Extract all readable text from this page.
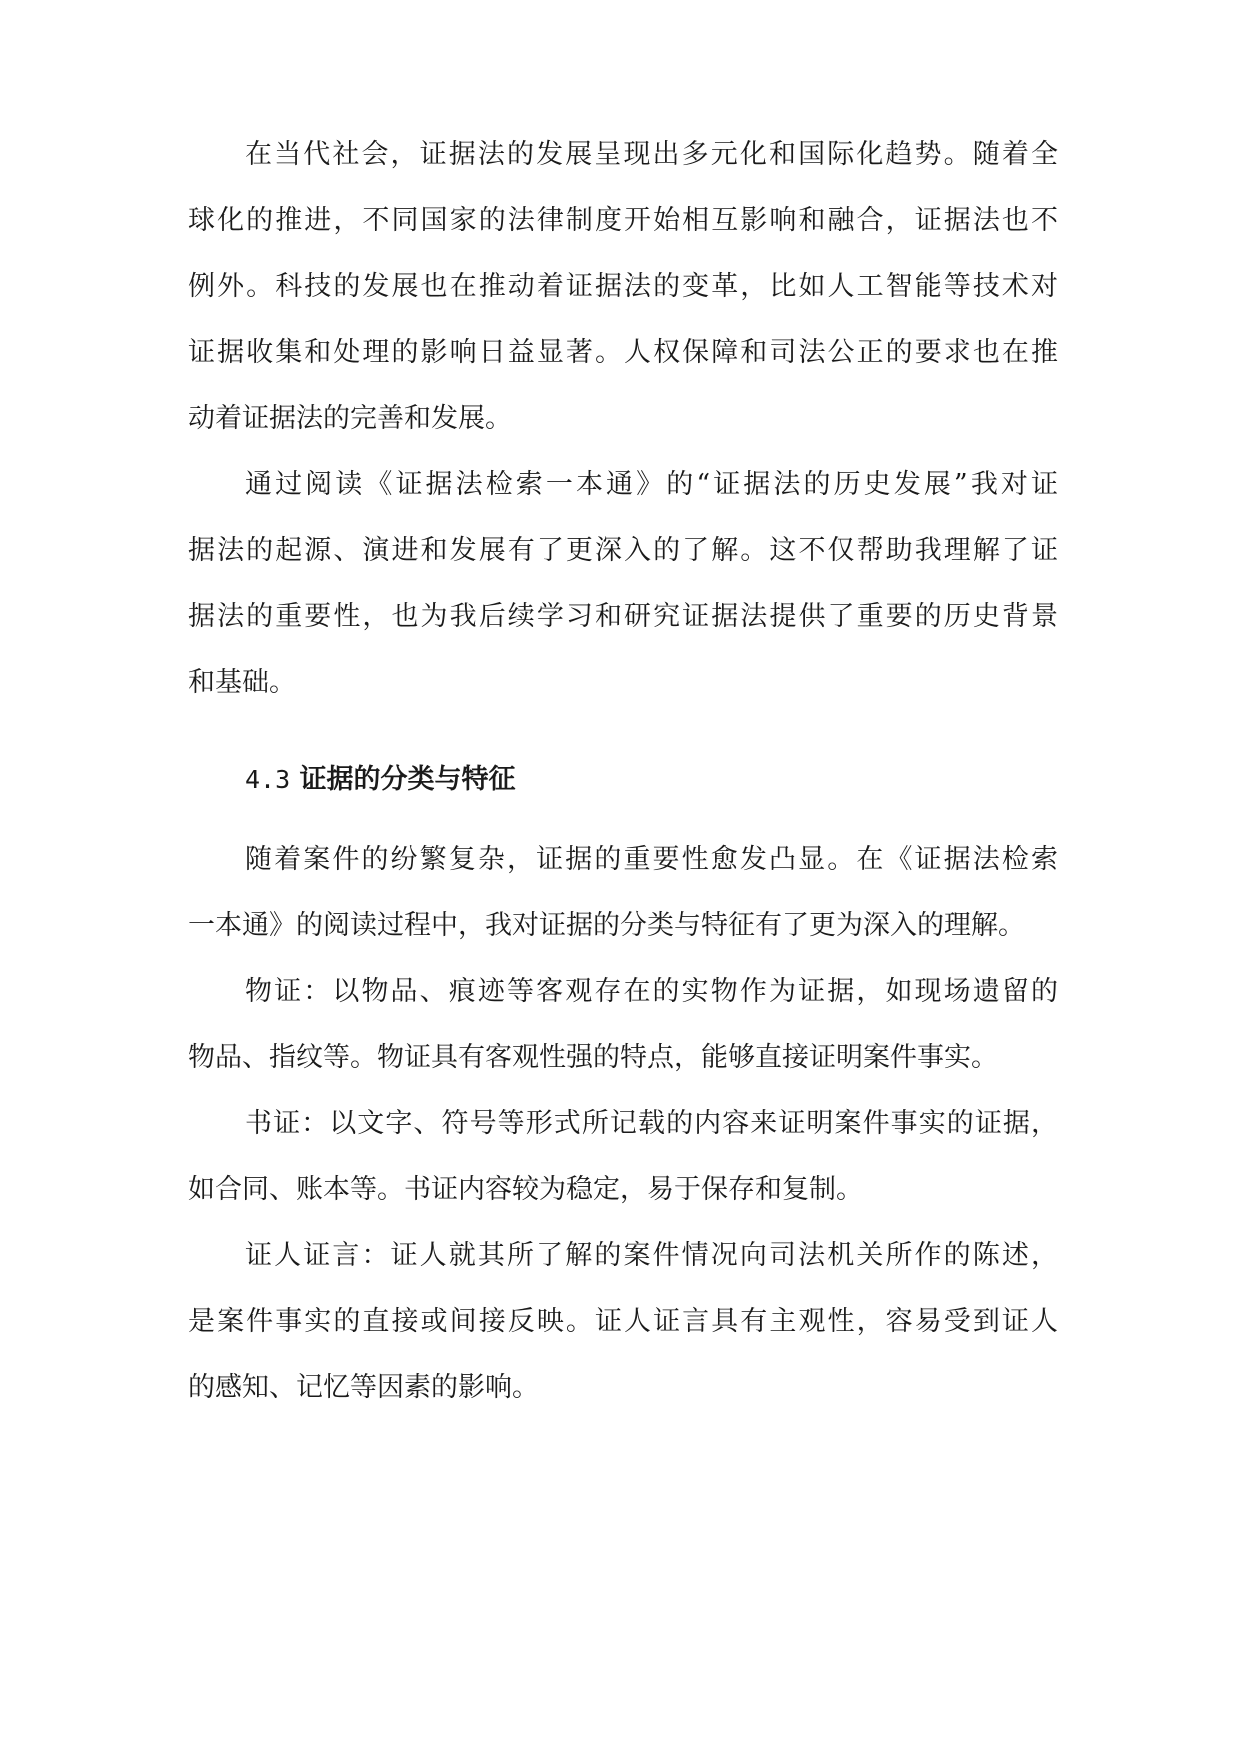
在当代社会，证据法的发展呈现出多元化和国际化趋势。随着全
球化的推进，不同国家的法律制度开始相互影响和融合，证据法也不
例外。科技的发展也在推动着证据法的变革，比如人工智能等技术对
证据收集和处理的影响日益显著。人权保障和司法公正的要求也在推
动着证据法的完善和发展。
通过阅读《证据法检索一本通》的“证据法的历史发展”我对证
据法的起源、演进和发展有了更深入的了解。这不仅帮助我理解了证
据法的重要性，也为我后续学习和研究证据法提供了重要的历史背景
和基础。
4.3 证据的分类与特征
随着案件的纷繁复杂，证据的重要性愈发凸显。在《证据法检索
一本通》的阅读过程中，我对证据的分类与特征有了更为深入的理解。
物证：以物品、痕迹等客观存在的实物作为证据，如现场遗留的
物品、指纹等。物证具有客观性强的特点，能够直接证明案件事实。
书证：以文字、符号等形式所记载的内容来证明案件事实的证据，
如合同、账本等。书证内容较为稳定，易于保存和复制。
证人证言：证人就其所了解的案件情况向司法机关所作的陈述，
是案件事实的直接或间接反映。证人证言具有主观性，容易受到证人
的感知、记忆等因素的影响。
